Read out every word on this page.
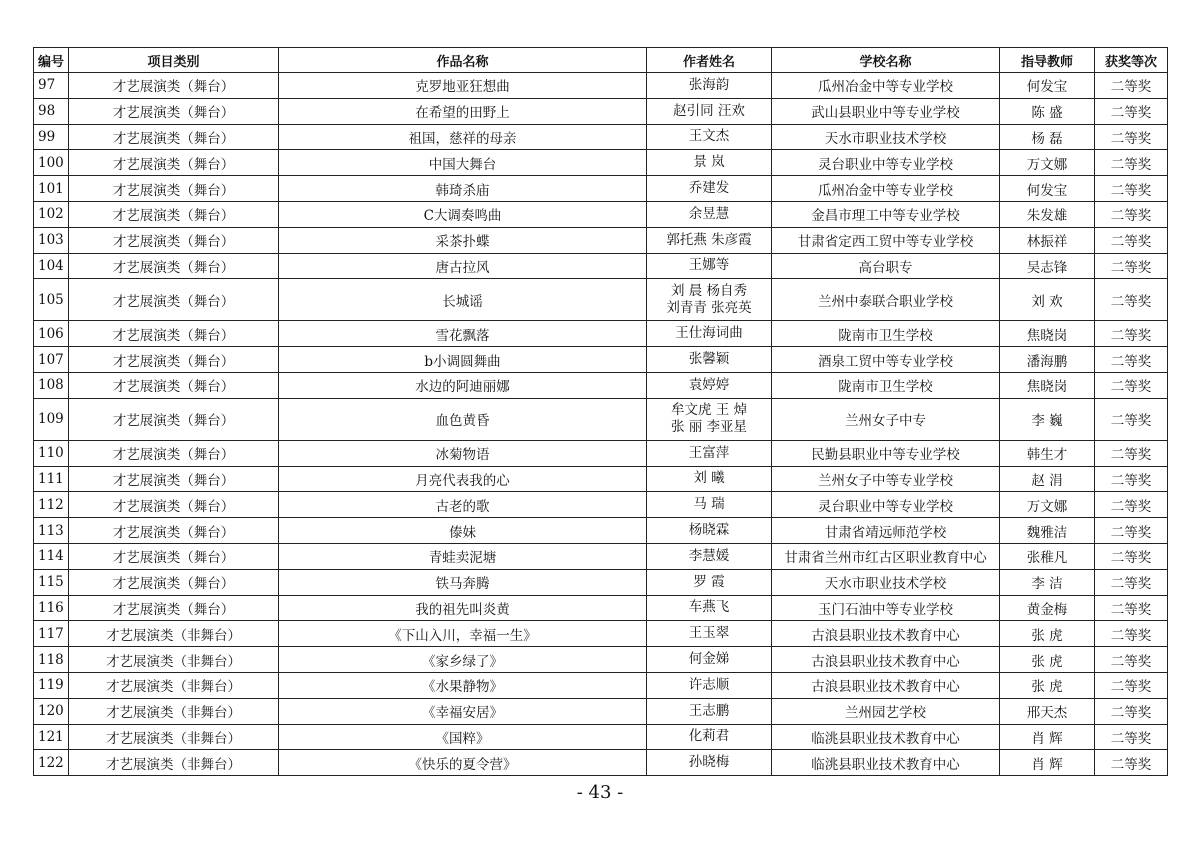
编号	项目类别	作品名称	作者姓名	学校名称	指导教师	获奖等次
97	才艺展演类（舞台）	克罗地亚狂想曲	张海韵	瓜州冶金中等专业学校	何发宝	二等奖
98	才艺展演类（舞台）	在希望的田野上	赵引同 汪欢	武山县职业中等专业学校	陈 盛	二等奖
99	才艺展演类（舞台）	祖国，慈祥的母亲	王文杰	天水市职业技术学校	杨 磊	二等奖
100	才艺展演类（舞台）	中国大舞台	景 岚	灵台职业中等专业学校	万文娜	二等奖
101	才艺展演类（舞台）	韩琦杀庙	乔建发	瓜州冶金中等专业学校	何发宝	二等奖
102	才艺展演类（舞台）	C大调奏鸣曲	余昱慧	金昌市理工中等专业学校	朱发雄	二等奖
103	才艺展演类（舞台）	采茶扑蝶	郭托燕 朱彦霞	甘肃省定西工贸中等专业学校	林振祥	二等奖
104	才艺展演类（舞台）	唐古拉风	王娜等	高台职专	吴志锋	二等奖
105	才艺展演类（舞台）	长城谣	刘 晨 杨自秀
刘青青 张亮英	兰州中泰联合职业学校	刘 欢	二等奖
106	才艺展演类（舞台）	雪花飘落	王仕海词曲	陇南市卫生学校	焦晓岗	二等奖
107	才艺展演类（舞台）	b小调圆舞曲	张馨颖	酒泉工贸中等专业学校	潘海鹏	二等奖
108	才艺展演类（舞台）	水边的阿迪丽娜	袁婷婷	陇南市卫生学校	焦晓岗	二等奖
109	才艺展演类（舞台）	血色黄昏	牟文虎 王 焯
张 丽 李亚星	兰州女子中专	李 巍	二等奖
110	才艺展演类（舞台）	冰菊物语	王富萍	民勤县职业中等专业学校	韩生才	二等奖
111	才艺展演类（舞台）	月亮代表我的心	刘 曦	兰州女子中等专业学校	赵 涓	二等奖
112	才艺展演类（舞台）	古老的歌	马 瑞	灵台职业中等专业学校	万文娜	二等奖
113	才艺展演类（舞台）	傣妹	杨晓霖	甘肃省靖远师范学校	魏雅洁	二等奖
114	才艺展演类（舞台）	青蛙卖泥塘	李慧媛	甘肃省兰州市红古区职业教育中心	张稚凡	二等奖
115	才艺展演类（舞台）	铁马奔腾	罗 霞	天水市职业技术学校	李 洁	二等奖
116	才艺展演类（舞台）	我的祖先叫炎黄	车燕飞	玉门石油中等专业学校	黄金梅	二等奖
117	才艺展演类（非舞台）	《下山入川，幸福一生》	王玉翠	古浪县职业技术教育中心	张 虎	二等奖
118	才艺展演类（非舞台）	《家乡绿了》	何金娣	古浪县职业技术教育中心	张 虎	二等奖
119	才艺展演类（非舞台）	《水果静物》	许志顺	古浪县职业技术教育中心	张 虎	二等奖
120	才艺展演类（非舞台）	《幸福安居》	王志鹏	兰州园艺学校	邢天杰	二等奖
121	才艺展演类（非舞台）	《国粹》	化莉君	临洮县职业技术教育中心	肖 辉	二等奖
122	才艺展演类（非舞台）	《快乐的夏令营》	孙晓梅	临洮县职业技术教育中心	肖 辉	二等奖
- 43 -
